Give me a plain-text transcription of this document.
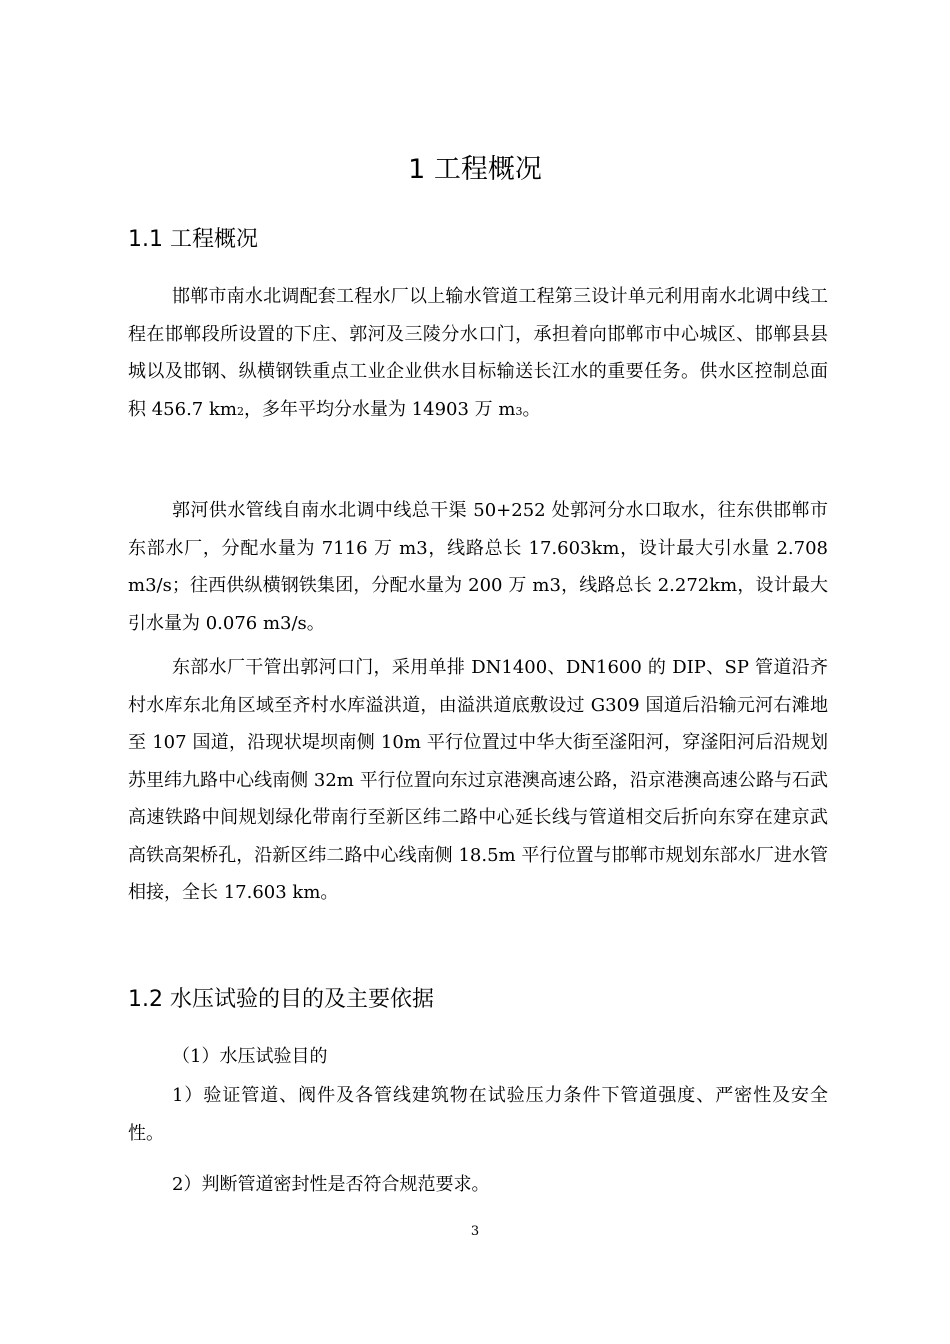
1 工程概况
1.1 工程概况

邯郸市南水北调配套工程水厂以上输水管道工程第三设计单元利用南水北调中线工程在邯郸段所设置的下庄、郭河及三陵分水口门，承担着向邯郸市中心城区、邯郸县县城以及邯钢、纵横钢铁重点工业企业供水目标输送长江水的重要任务。供水区控制总面积 456.7 km2，多年平均分水量为 14903 万 m3。

郭河供水管线自南水北调中线总干渠 50+252 处郭河分水口取水，往东供邯郸市东部水厂，分配水量为 7116 万 m3，线路总长 17.603km，设计最大引水量 2.708 m3/s；往西供纵横钢铁集团，分配水量为 200 万 m3，线路总长 2.272km，设计最大引水量为 0.076 m3/s。

东部水厂干管出郭河口门，采用单排 DN1400、DN1600 的 DIP、SP 管道沿齐村水库东北角区域至齐村水库溢洪道，由溢洪道底敷设过 G309 国道后沿输元河右滩地至 107 国道，沿现状堤坝南侧 10m 平行位置过中华大街至滏阳河，穿滏阳河后沿规划苏里纬九路中心线南侧 32m 平行位置向东过京港澳高速公路，沿京港澳高速公路与石武高速铁路中间规划绿化带南行至新区纬二路中心延长线与管道相交后折向东穿在建京武高铁高架桥孔，沿新区纬二路中心线南侧 18.5m 平行位置与邯郸市规划东部水厂进水管相接，全长 17.603 km。

1.2 水压试验的目的及主要依据

（1）水压试验目的

1）验证管道、阀件及各管线建筑物在试验压力条件下管道强度、严密性及安全性。

2）判断管道密封性是否符合规范要求。

3
